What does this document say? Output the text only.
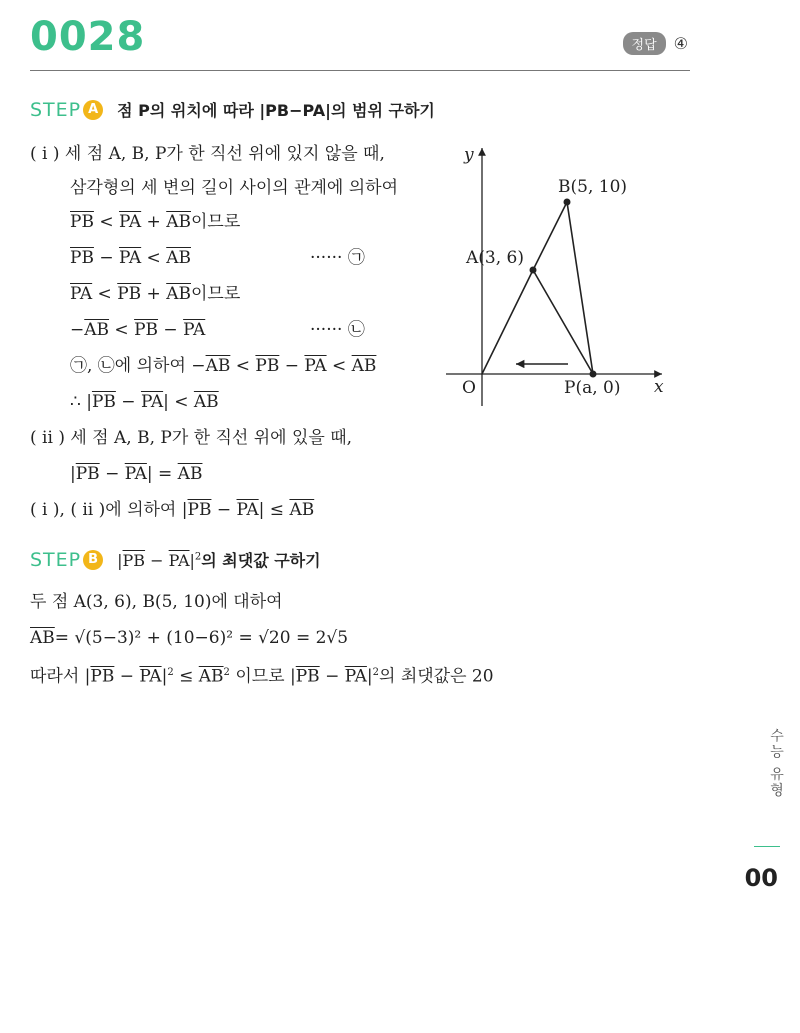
0028	정답	④
STEP A	점 P의 위치에 따라 |PB−PA|의 범위 구하기
( i ) 세 점 A, B, P가 한 직선 위에 있지 않을 때,
삼각형의 세 변의 길이 사이의 관계에 의하여
$\overline{PB} < \overline{PA} + \overline{AB}$이므로
$\overline{PB} - \overline{PA} < \overline{AB}$	······ ㉠
$\overline{PA} < \overline{PB} + \overline{AB}$이므로
$-\overline{AB} < \overline{PB} - \overline{PA}$	······ ㉡
㉠, ㉡에 의하여 $-\overline{AB} < \overline{PB} - \overline{PA} < \overline{AB}$
∴ $|\overline{PB} - \overline{PA}| < \overline{AB}$
( ii ) 세 점 A, B, P가 한 직선 위에 있을 때,
$|\overline{PB} - \overline{PA}| = \overline{AB}$
( i ), ( ii )에 의하여 $|\overline{PB} - \overline{PA}| \le \overline{AB}$
y
x
O
A(3, 6)
B(5, 10)
P(a, 0)
STEP B	$|\overline{PB} - \overline{PA}|^2$의 최댓값 구하기
두 점 A(3, 6), B(5, 10)에 대하여
$\overline{AB}= √(5-3)^2 + (10-6)^2 = √20 = 2√5$
따라서 $|\overline{PB} - \overline{PA}|^2 \le \overline{AB}^2$ 이므로 $|\overline{PB} - \overline{PA}|^2$의 최댓값은 20
수능 유형
00
